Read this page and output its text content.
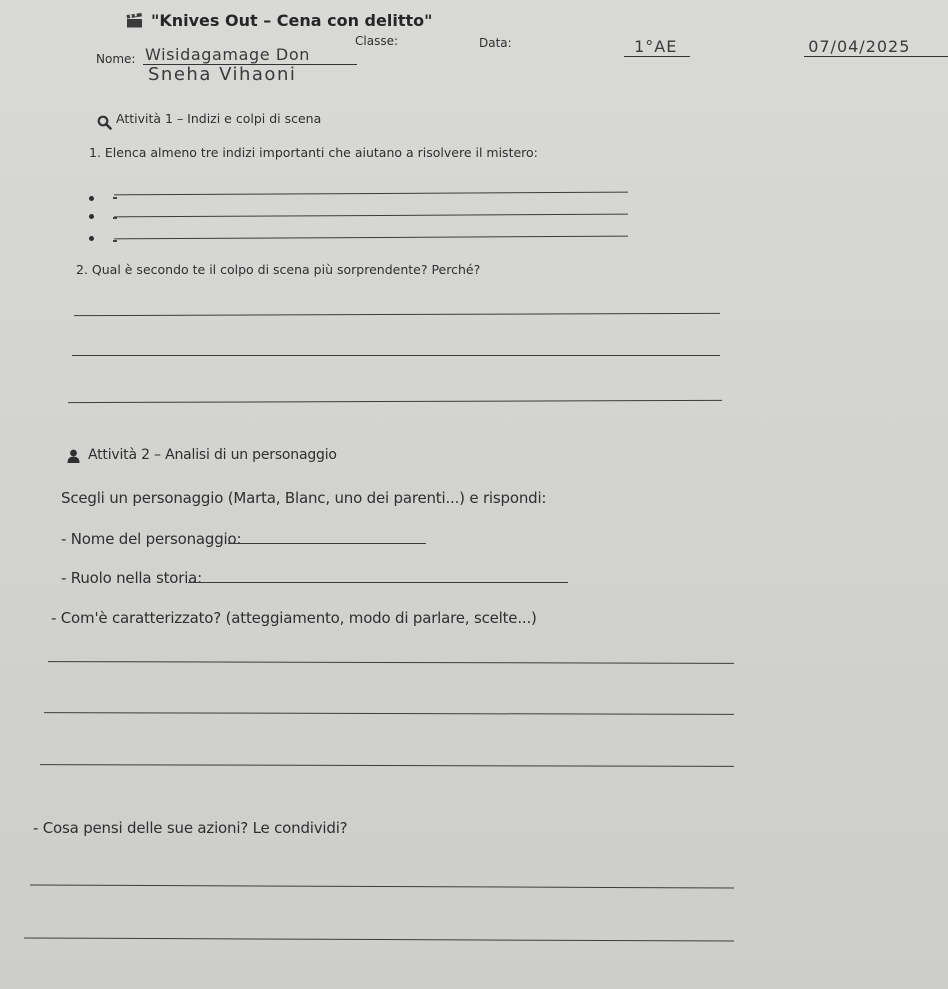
"Knives Out – Cena con delitto"
Nome: Wisidagamage Don

Classe:	1°AE

Data:	07/04/2025
Sneha Vihaoni
Attività 1 – Indizi e colpi di scena
1. Elenca almeno tre indizi importanti che aiutano a risolvere il mistero:
2. Qual è secondo te il colpo di scena più sorprendente? Perché?
Attività 2 – Analisi di un personaggio
Scegli un personaggio (Marta, Blanc, uno dei parenti...) e rispondi:
- Nome del personaggio:
- Ruolo nella storia:
- Com'è caratterizzato? (atteggiamento, modo di parlare, scelte...)
- Cosa pensi delle sue azioni? Le condividi?
